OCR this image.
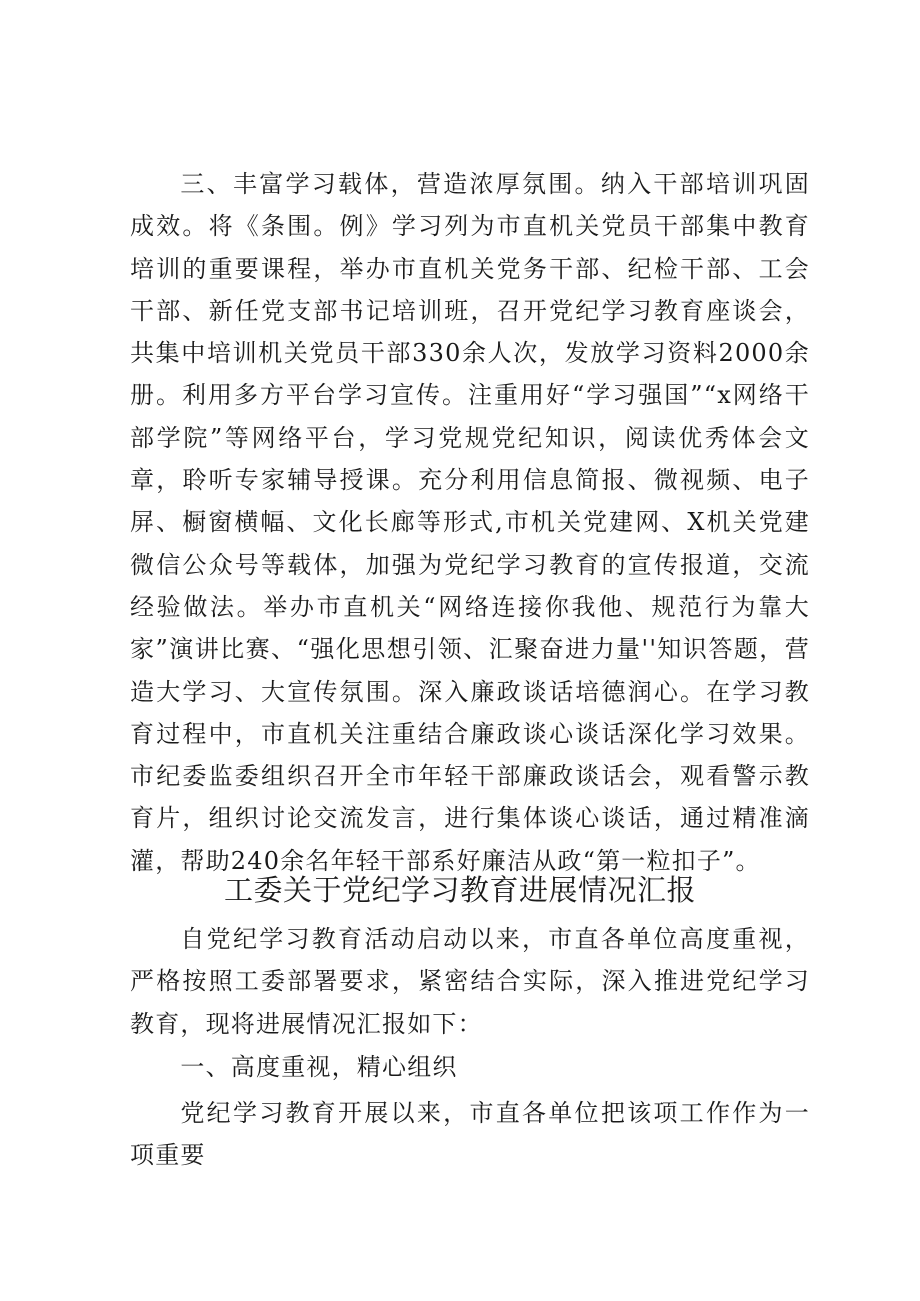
三、丰富学习载体，营造浓厚氛围。纳入干部培训巩固成效。将《条围。例》学习列为市直机关党员干部集中教育培训的重要课程，举办市直机关党务干部、纪检干部、工会干部、新任党支部书记培训班，召开党纪学习教育座谈会，共集中培训机关党员干部330余人次，发放学习资料2000余册。利用多方平台学习宣传。注重用好“学习强国”“x网络干部学院”等网络平台，学习党规党纪知识，阅读优秀体会文章，聆听专家辅导授课。充分利用信息简报、微视频、电子屏、橱窗横幅、文化长廊等形式,市机关党建网、X机关党建微信公众号等载体，加强为党纪学习教育的宣传报道，交流经验做法。举办市直机关“网络连接你我他、规范行为靠大家”演讲比赛、“强化思想引领、汇聚奋进力量''知识答题，营造大学习、大宣传氛围。深入廉政谈话培德润心。在学习教育过程中，市直机关注重结合廉政谈心谈话深化学习效果。市纪委监委组织召开全市年轻干部廉政谈话会，观看警示教育片，组织讨论交流发言，进行集体谈心谈话，通过精准滴灌，帮助240余名年轻干部系好廉洁从政“第一粒扣子”。

工委关于党纪学习教育进展情况汇报

自党纪学习教育活动启动以来，市直各单位高度重视，严格按照工委部署要求，紧密结合实际，深入推进党纪学习教育，现将进展情况汇报如下：

一、高度重视，精心组织

党纪学习教育开展以来，市直各单位把该项工作作为一项重要
